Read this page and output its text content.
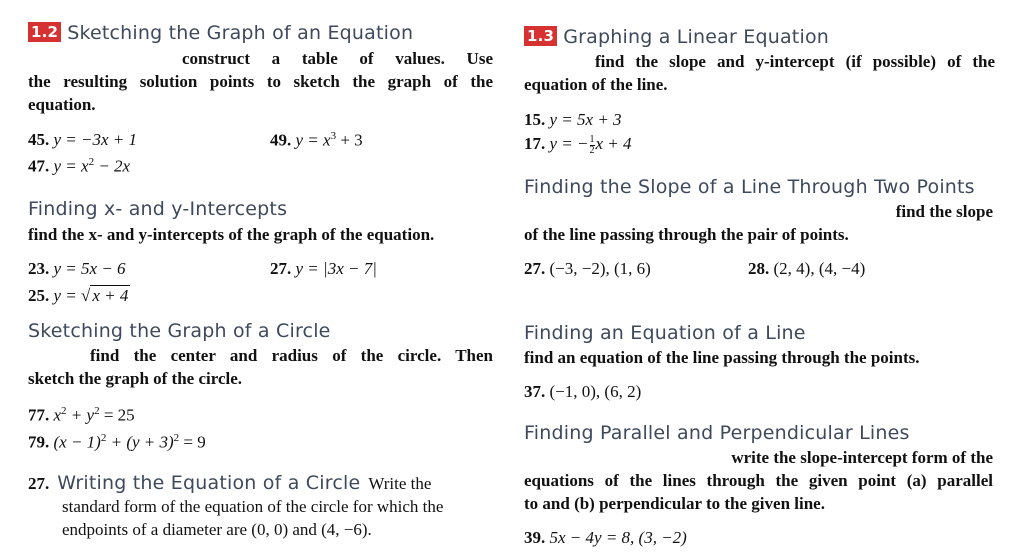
1.2 Sketching the Graph of an Equation
construct a table of values. Use
the resulting solution points to sketch the graph of the
equation.
45. y = −3x + 1	49. $y = x^3 + 3$
47. $y = x^2 - 2x$
Finding x- and y-Intercepts
find the x- and y-intercepts of the graph of the equation.
23. y = 5x − 6	27. y = |3x − 7|
25. y = √ x + 4
Sketching the Graph of a Circle
find the center and radius of the circle. Then
sketch the graph of the circle.
77. $x^2 + y^2 = 25$
79. $(x - 1)^2 + (y + 3)^2 = 9$
27. Writing the Equation of a Circle Write the
standard form of the equation of the circle for which the
endpoints of a diameter are (0, 0) and (4, −6).
1.3 Graphing a Linear Equation
find the slope and y-intercept (if possible) of the
equation of the line.
15. y = 5x + 3
17. y = − $\frac{1}{2}$ x + 4
Finding the Slope of a Line Through Two Points
find the slope
of the line passing through the pair of points.
27. (−3, −2), (1, 6)	28. (2, 4), (4, −4)
Finding an Equation of a Line
find an equation of the line passing through the points.
37. (−1, 0), (6, 2)
Finding Parallel and Perpendicular Lines
write the slope-intercept form of the
equations of the lines through the given point (a) parallel
to and (b) perpendicular to the given line.
39. 5x − 4y = 8, (3, −2)
